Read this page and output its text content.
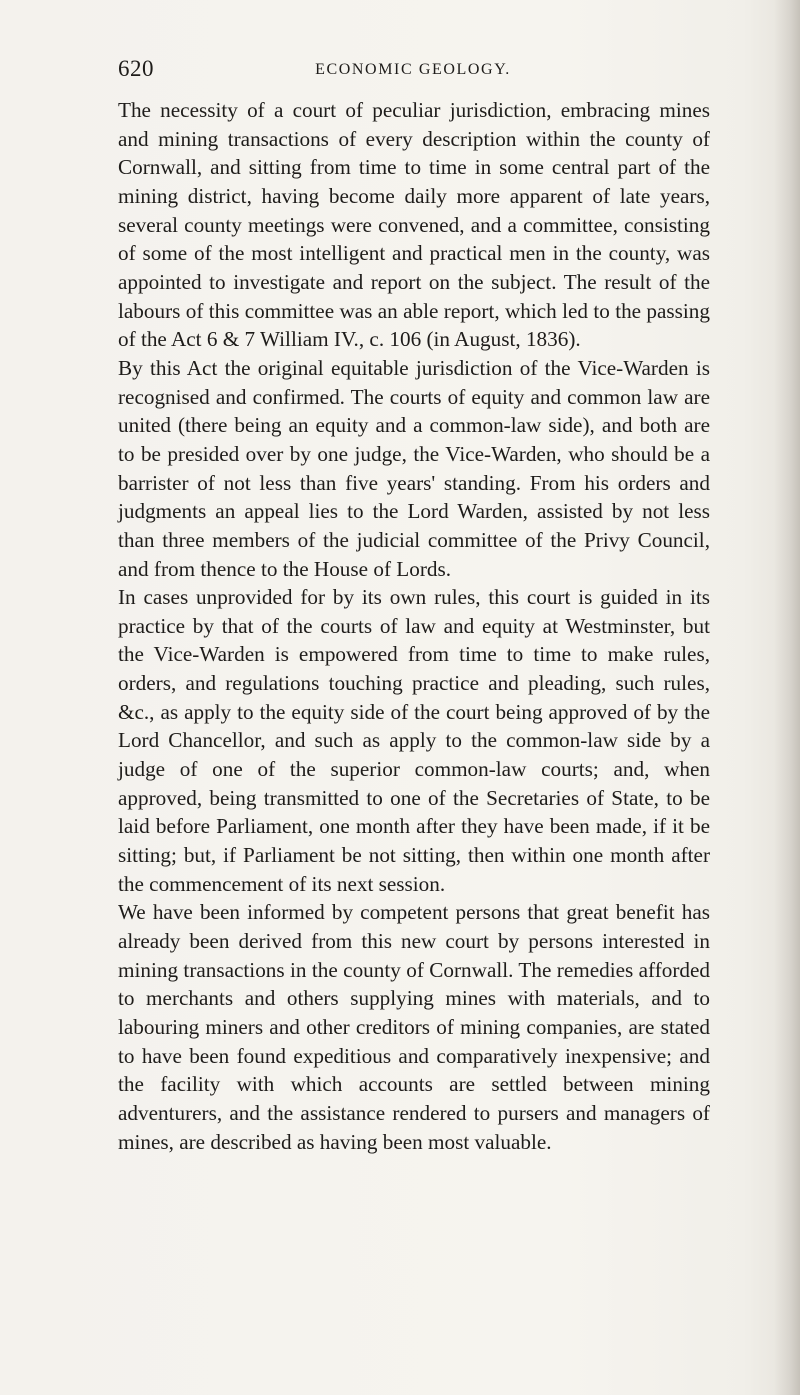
620	ECONOMIC GEOLOGY.

The necessity of a court of peculiar jurisdiction, embracing mines and mining transactions of every description within the county of Cornwall, and sitting from time to time in some central part of the mining district, having become daily more apparent of late years, several county meetings were convened, and a committee, consisting of some of the most intelligent and practical men in the county, was appointed to investigate and report on the subject. The result of the labours of this committee was an able report, which led to the passing of the Act 6 & 7 William IV., c. 106 (in August, 1836).

By this Act the original equitable jurisdiction of the Vice-Warden is recognised and confirmed. The courts of equity and common law are united (there being an equity and a common-law side), and both are to be presided over by one judge, the Vice-Warden, who should be a barrister of not less than five years' standing. From his orders and judgments an appeal lies to the Lord Warden, assisted by not less than three members of the judicial committee of the Privy Council, and from thence to the House of Lords.

In cases unprovided for by its own rules, this court is guided in its practice by that of the courts of law and equity at Westminster, but the Vice-Warden is empowered from time to time to make rules, orders, and regulations touching practice and pleading, such rules, &c., as apply to the equity side of the court being approved of by the Lord Chancellor, and such as apply to the common-law side by a judge of one of the superior common-law courts; and, when approved, being transmitted to one of the Secretaries of State, to be laid before Parliament, one month after they have been made, if it be sitting; but, if Parliament be not sitting, then within one month after the commencement of its next session.

We have been informed by competent persons that great benefit has already been derived from this new court by persons interested in mining transactions in the county of Cornwall. The remedies afforded to merchants and others supplying mines with materials, and to labouring miners and other creditors of mining companies, are stated to have been found expeditious and comparatively inexpensive; and the facility with which accounts are settled between mining adventurers, and the assistance rendered to pursers and managers of mines, are described as having been most valuable.
